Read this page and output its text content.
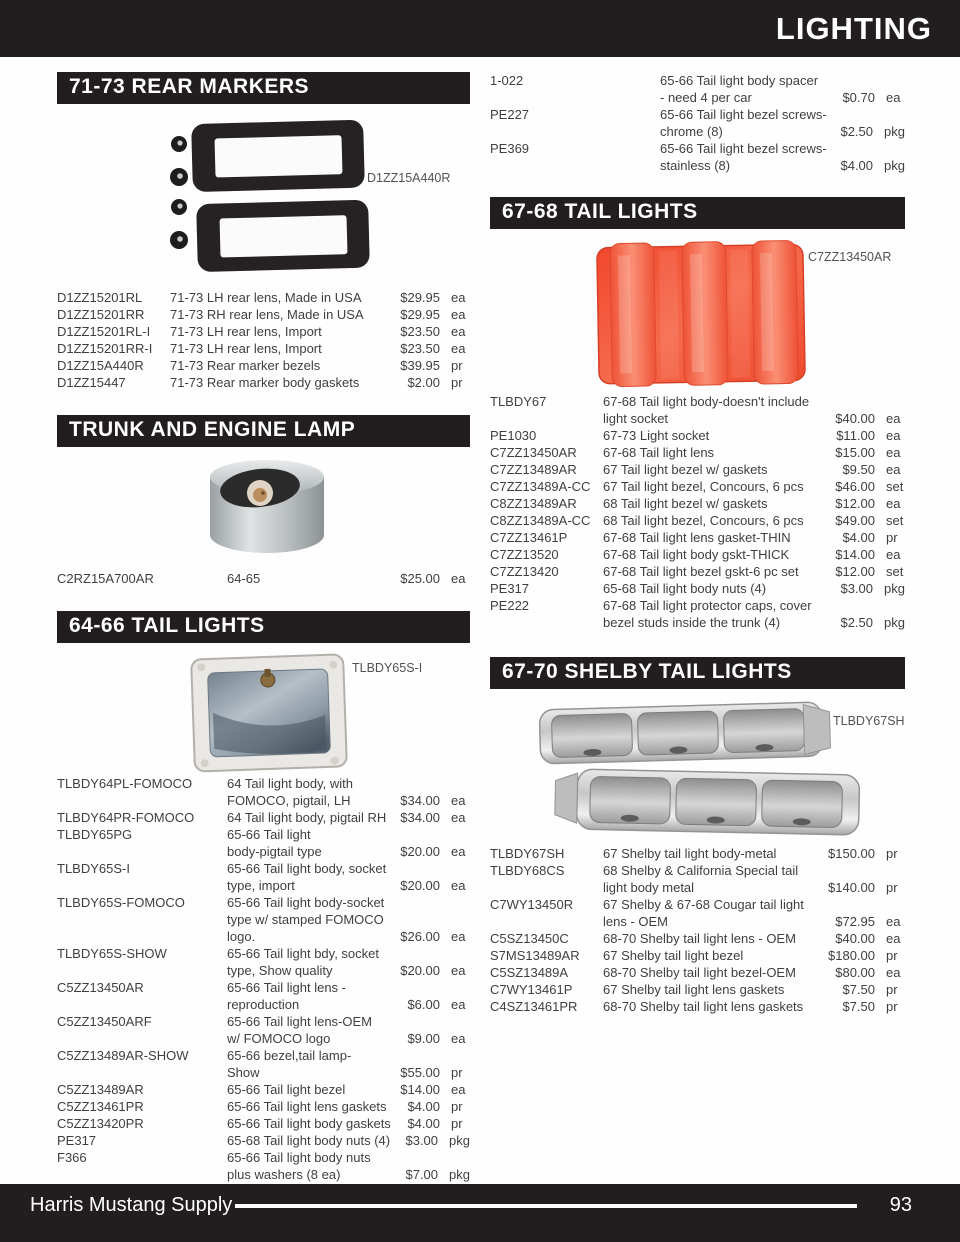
LIGHTING
71-73 REAR MARKERS
D1ZZ15A440R
D1ZZ15201RL	71-73 LH rear lens, Made in USA	$29.95 ea
D1ZZ15201RR	71-73 RH rear lens, Made in USA	$29.95 ea
D1ZZ15201RL-I	71-73 LH rear lens, Import	$23.50 ea
D1ZZ15201RR-I	71-73 LH rear lens, Import	$23.50 ea
D1ZZ15A440R	71-73 Rear marker bezels	$39.95 pr
D1ZZ15447	71-73 Rear marker body gaskets	$2.00 pr
TRUNK AND ENGINE LAMP
C2RZ15A700AR	64-65	$25.00 ea
64-66 TAIL LIGHTS
TLBDY65S-I
TLBDY64PL-FOMOCO	64 Tail light body, with
FOMOCO, pigtail, LH	$34.00 ea
TLBDY64PR-FOMOCO	64 Tail light body, pigtail RH	$34.00 ea
TLBDY65PG	65-66 Tail light
body-pigtail type	$20.00 ea
TLBDY65S-I	65-66 Tail light body, socket
type, import	$20.00 ea
TLBDY65S-FOMOCO	65-66 Tail light body-socket
type w/ stamped FOMOCO
logo.	$26.00 ea
TLBDY65S-SHOW	65-66 Tail light bdy, socket
type, Show quality	$20.00 ea
C5ZZ13450AR	65-66 Tail light lens -
reproduction	$6.00 ea
C5ZZ13450ARF	65-66 Tail light lens-OEM
w/ FOMOCO logo	$9.00 ea
C5ZZ13489AR-SHOW	65-66 bezel,tail lamp-
Show	$55.00 pr
C5ZZ13489AR	65-66 Tail light bezel	$14.00 ea
C5ZZ13461PR	65-66 Tail light lens gaskets	$4.00 pr
C5ZZ13420PR	65-66 Tail light body gaskets	$4.00 pr
PE317	65-68 Tail light body nuts (4)	$3.00 pkg
F366	65-66 Tail light body nuts
plus washers (8 ea)	$7.00 pkg
1-022	65-66 Tail light body spacer
- need 4 per car	$0.70 ea
PE227	65-66 Tail light bezel screws-
chrome (8)	$2.50 pkg
PE369	65-66 Tail light bezel screws-
stainless (8)	$4.00 pkg
67-68 TAIL LIGHTS
C7ZZ13450AR
TLBDY67	67-68 Tail light body-doesn't include
light socket	$40.00 ea
PE1030	67-73 Light socket	$11.00 ea
C7ZZ13450AR	67-68 Tail light lens	$15.00 ea
C7ZZ13489AR	67 Tail light bezel w/ gaskets	$9.50 ea
C7ZZ13489A-CC 67 Tail light bezel, Concours, 6 pcs	$46.00 set
C8ZZ13489AR	68 Tail light bezel w/ gaskets	$12.00 ea
C8ZZ13489A-CC 68 Tail light bezel, Concours, 6 pcs	$49.00 set
C7ZZ13461P	67-68 Tail light lens gasket-THIN	$4.00 pr
C7ZZ13520	67-68 Tail light body gskt-THICK	$14.00 ea
C7ZZ13420	67-68 Tail light bezel gskt-6 pc set	$12.00 set
PE317	65-68 Tail light body nuts (4)	$3.00 pkg
PE222	67-68 Tail light protector caps, cover
bezel studs inside the trunk (4)	$2.50 pkg
67-70 SHELBY TAIL LIGHTS
TLBDY67SH
TLBDY67SH	67 Shelby tail light body-metal	$150.00 pr
TLBDY68CS	68 Shelby & California Special tail
light body metal	$140.00 pr
C7WY13450R	67 Shelby & 67-68 Cougar tail light
lens - OEM	$72.95 ea
C5SZ13450C	68-70 Shelby tail light lens - OEM	$40.00 ea
S7MS13489AR	67 Shelby tail light bezel	$180.00 pr
C5SZ13489A	68-70 Shelby tail light bezel-OEM	$80.00 ea
C7WY13461P	67 Shelby tail light lens gaskets	$7.50 pr
C4SZ13461PR	68-70 Shelby tail light lens gaskets	$7.50 pr
Harris Mustang Supply	93
